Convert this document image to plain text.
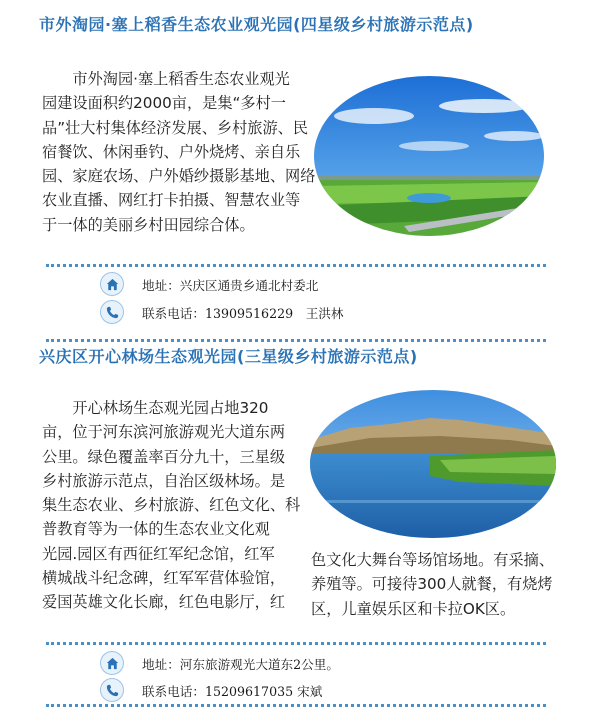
市外淘园·塞上稻香生态农业观光园(四星级乡村旅游示范点)
　　市外淘园·塞上稻香生态农业观光
园建设面积约2000亩，是集“多村一
品”壮大村集体经济发展、乡村旅游、民
宿餐饮、休闲垂钓、户外烧烤、亲自乐
园、家庭农场、户外婚纱摄影基地、网络
农业直播、网红打卡拍摄、智慧农业等
于一体的美丽乡村田园综合体。
地址：兴庆区通贵乡通北村委北
联系电话：13909516229　王洪林
兴庆区开心林场生态观光园(三星级乡村旅游示范点)
　　开心林场生态观光园占地320
亩，位于河东滨河旅游观光大道东两
公里。绿色覆盖率百分九十，三星级
乡村旅游示范点，自治区级林场。是
集生态农业、乡村旅游、红色文化、科
普教育等为一体的生态农业文化观
光园.园区有西征红军纪念馆，红军
横城战斗纪念碑，红军军营体验馆，
爱国英雄文化长廊，红色电影厅，红
色文化大舞台等场馆场地。有采摘、
养殖等。可接待300人就餐，有烧烤
区，儿童娱乐区和卡拉OK区。
地址：河东旅游观光大道东2公里。
联系电话：15209617035 宋斌
